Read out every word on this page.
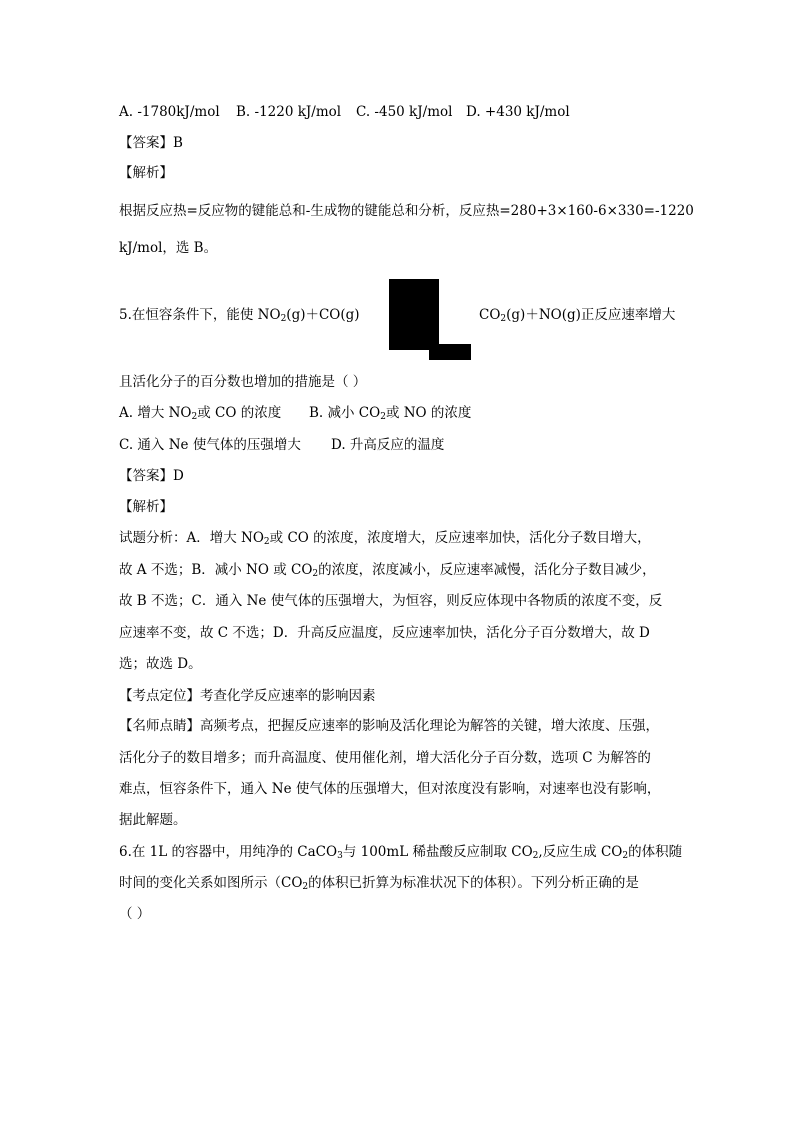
A. -1780kJ/mol B. -1220 kJ/mol C. -450 kJ/mol D. +430 kJ/mol
【答案】B
【解析】
根据反应热=反应物的键能总和-生成物的键能总和分析，反应热=280+3×160-6×330=-1220
kJ/mol，选 B。
5.在恒容条件下，能使 $NO_2(g)+CO(g)$	$CO_2(g)+NO(g)$正反应速率增大
且活化分子的百分数也增加的措施是（ ）
A. 增大 $NO_2$或 CO 的浓度 B. 减小 $CO_2$或 NO 的浓度
C. 通入 Ne 使气体的压强增大 D. 升高反应的温度
【答案】D
【解析】
试题分析：A．增大 $NO_2$或 CO 的浓度，浓度增大，反应速率加快，活化分子数目增大，
故 A 不选；B．减小 NO 或 $CO_2$的浓度，浓度减小，反应速率减慢，活化分子数目减少，
故 B 不选；C．通入 Ne 使气体的压强增大，为恒容，则反应体现中各物质的浓度不变，反
应速率不变，故 C 不选；D．升高反应温度，反应速率加快，活化分子百分数增大，故 D
选；故选 D。
【考点定位】考查化学反应速率的影响因素
【名师点睛】高频考点，把握反应速率的影响及活化理论为解答的关键，增大浓度、压强，
活化分子的数目增多；而升高温度、使用催化剂，增大活化分子百分数，选项 C 为解答的
难点，恒容条件下，通入 Ne 使气体的压强增大，但对浓度没有影响，对速率也没有影响，
据此解题。
6.在 1L 的容器中，用纯净的 CaCO$_3$与 100mL 稀盐酸反应制取 $CO_2$,反应生成 $CO_2$的体积随
时间的变化关系如图所示（$CO_2$的体积已折算为标准状况下的体积）。下列分析正确的是
（ ）
